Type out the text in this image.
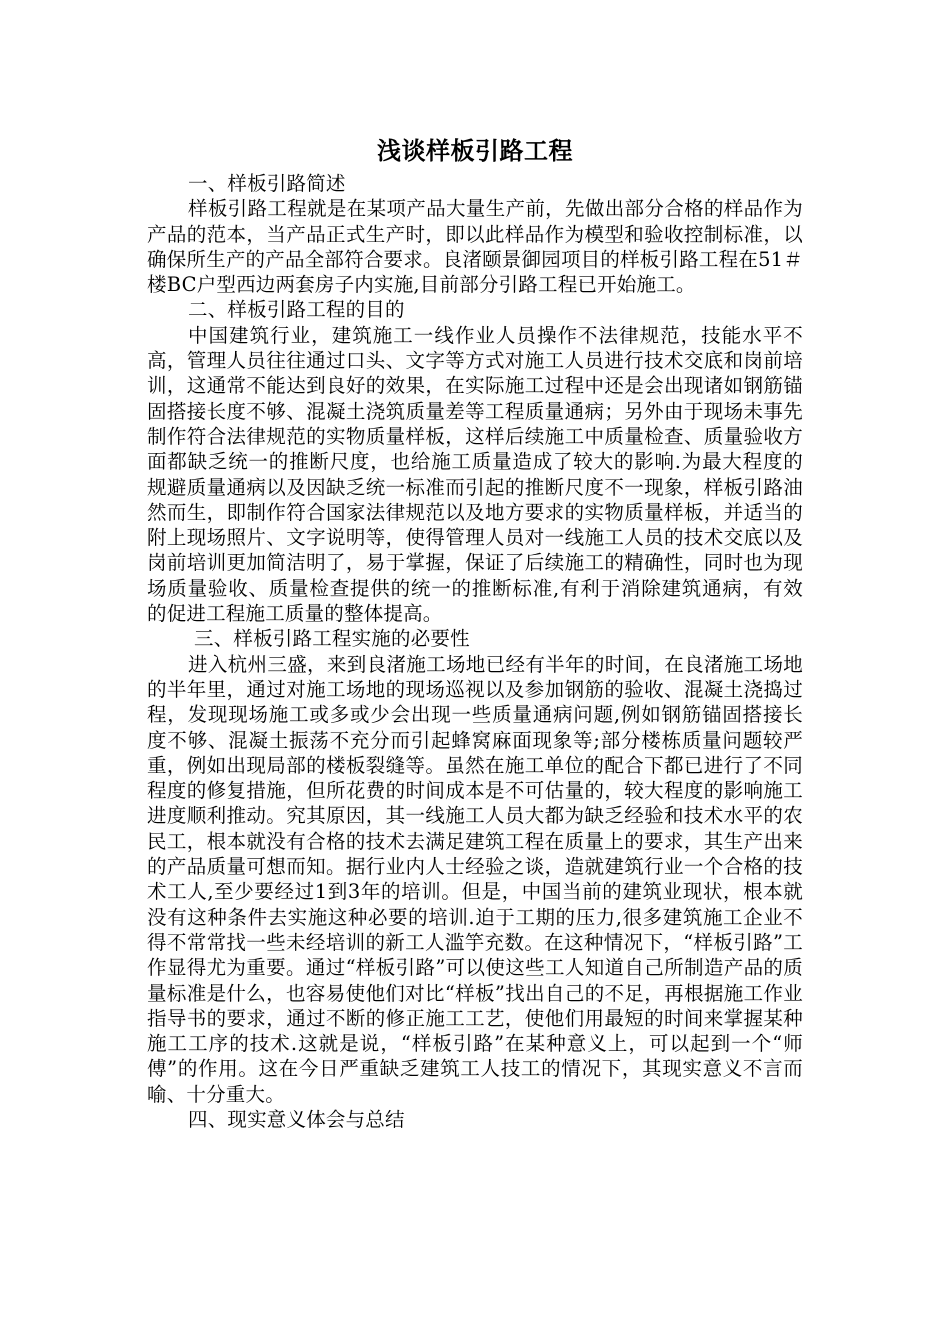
浅谈样板引路工程

一、样板引路简述

样板引路工程就是在某项产品大量生产前，先做出部分合格的样品作为产品的范本，当产品正式生产时，即以此样品作为模型和验收控制标准，以确保所生产的产品全部符合要求。良渚颐景御园项目的样板引路工程在51＃楼BC户型西边两套房子内实施,目前部分引路工程已开始施工。

二、样板引路工程的目的

中国建筑行业，建筑施工一线作业人员操作不法律规范，技能水平不高，管理人员往往通过口头、文字等方式对施工人员进行技术交底和岗前培训，这通常不能达到良好的效果，在实际施工过程中还是会出现诸如钢筋锚固搭接长度不够、混凝土浇筑质量差等工程质量通病；另外由于现场未事先制作符合法律规范的实物质量样板，这样后续施工中质量检查、质量验收方面都缺乏统一的推断尺度，也给施工质量造成了较大的影响.为最大程度的规避质量通病以及因缺乏统一标准而引起的推断尺度不一现象，样板引路油然而生，即制作符合国家法律规范以及地方要求的实物质量样板，并适当的附上现场照片、文字说明等，使得管理人员对一线施工人员的技术交底以及岗前培训更加简洁明了，易于掌握，保证了后续施工的精确性，同时也为现场质量验收、质量检查提供的统一的推断标准,有利于消除建筑通病，有效的促进工程施工质量的整体提高。

三、样板引路工程实施的必要性

进入杭州三盛，来到良渚施工场地已经有半年的时间，在良渚施工场地的半年里，通过对施工场地的现场巡视以及参加钢筋的验收、混凝土浇捣过程，发现现场施工或多或少会出现一些质量通病问题,例如钢筋锚固搭接长度不够、混凝土振荡不充分而引起蜂窝麻面现象等;部分楼栋质量问题较严重，例如出现局部的楼板裂缝等。虽然在施工单位的配合下都已进行了不同程度的修复措施，但所花费的时间成本是不可估量的，较大程度的影响施工进度顺利推动。究其原因，其一线施工人员大都为缺乏经验和技术水平的农民工，根本就没有合格的技术去满足建筑工程在质量上的要求，其生产出来的产品质量可想而知。据行业内人士经验之谈，造就建筑行业一个合格的技术工人,至少要经过1到3年的培训。但是，中国当前的建筑业现状，根本就没有这种条件去实施这种必要的培训.迫于工期的压力,很多建筑施工企业不得不常常找一些未经培训的新工人滥竽充数。在这种情况下，“样板引路”工作显得尤为重要。通过“样板引路”可以使这些工人知道自己所制造产品的质量标准是什么，也容易使他们对比“样板”找出自己的不足，再根据施工作业指导书的要求，通过不断的修正施工工艺，使他们用最短的时间来掌握某种施工工序的技术.这就是说，“样板引路”在某种意义上，可以起到一个“师傅”的作用。这在今日严重缺乏建筑工人技工的情况下，其现实意义不言而喻、十分重大。

四、现实意义体会与总结
